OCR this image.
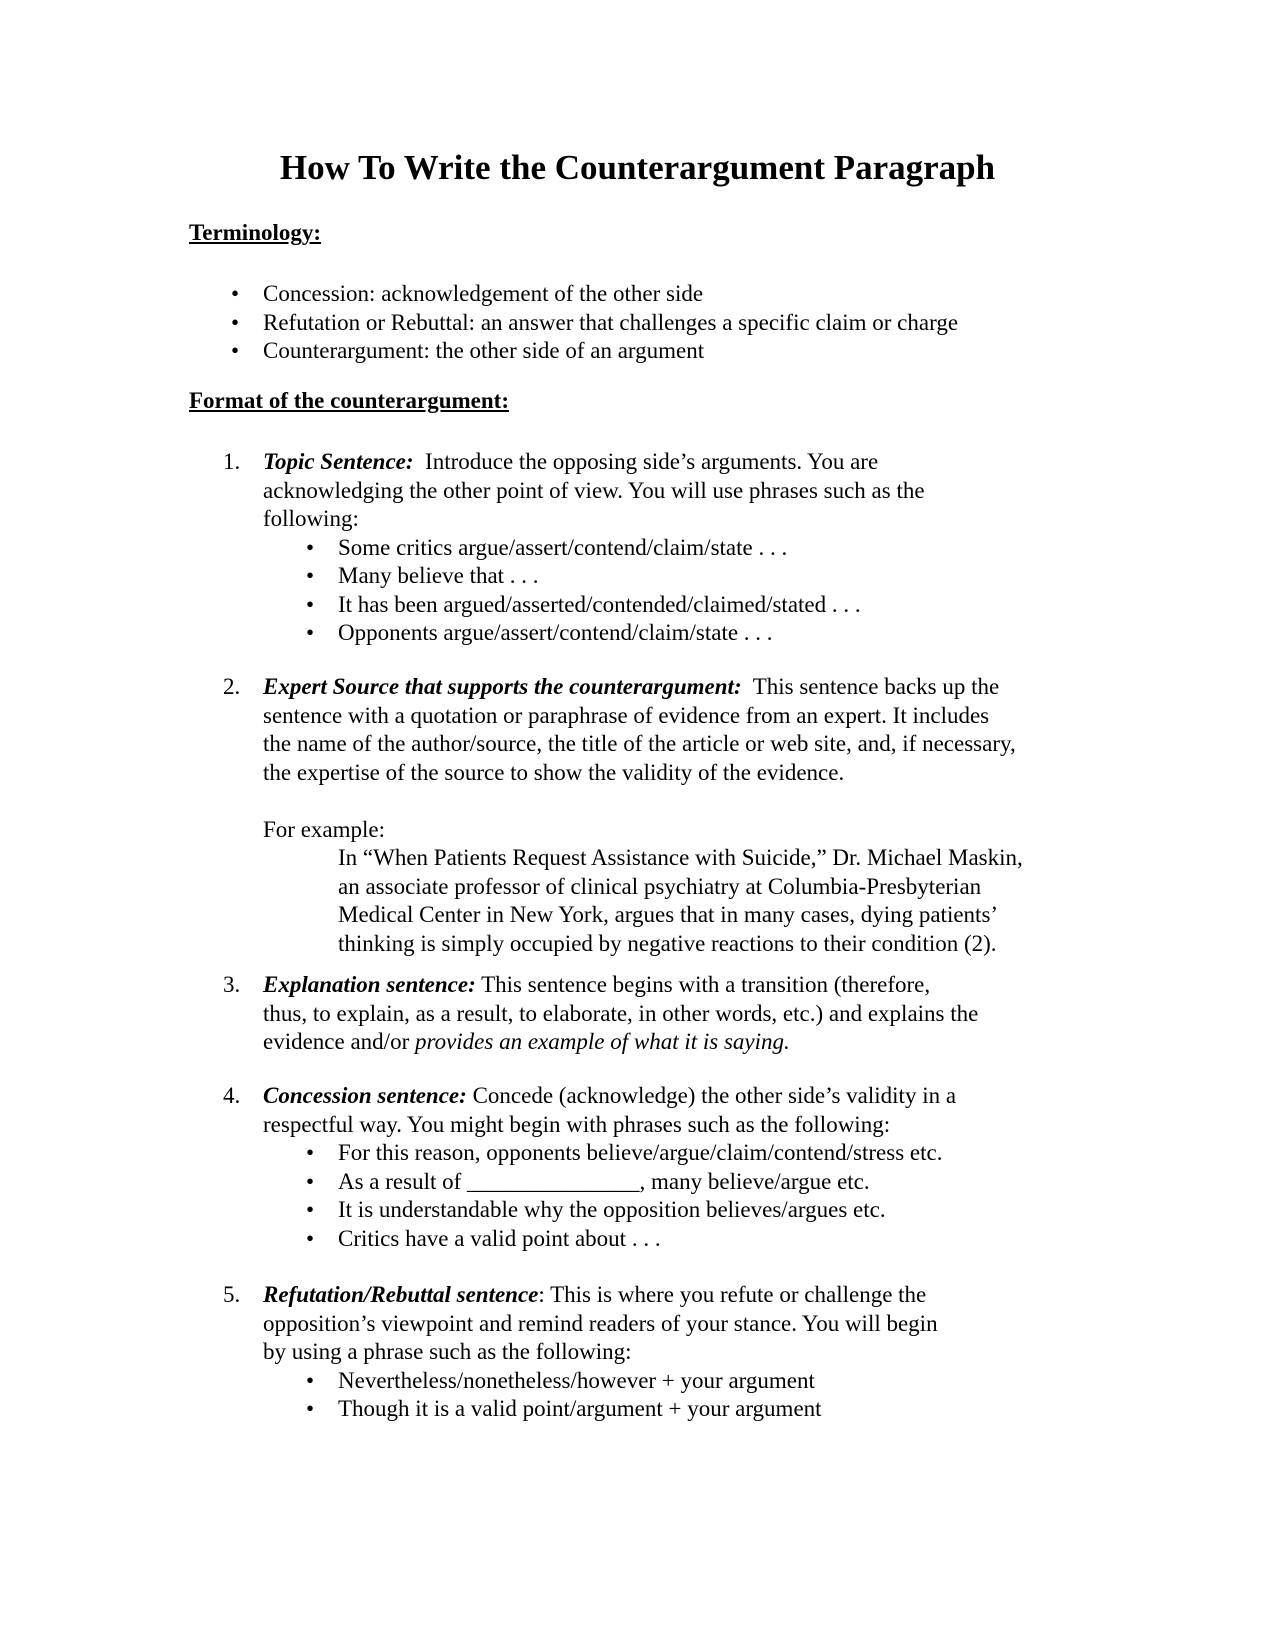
How To Write the Counterargument Paragraph

Terminology:

• Concession: acknowledgement of the other side
• Refutation or Rebuttal: an answer that challenges a specific claim or charge
• Counterargument: the other side of an argument

Format of the counterargument:

1. Topic Sentence:  Introduce the opposing side’s arguments. You are
acknowledging the other point of view. You will use phrases such as the
following:
• Some critics argue/assert/contend/claim/state . . .
• Many believe that . . .
• It has been argued/asserted/contended/claimed/stated . . .
• Opponents argue/assert/contend/claim/state . . .
2. Expert Source that supports the counterargument:  This sentence backs up the
sentence with a quotation or paraphrase of evidence from an expert. It includes
the name of the author/source, the title of the article or web site, and, if necessary,
the expertise of the source to show the validity of the evidence.
For example:
In “When Patients Request Assistance with Suicide,” Dr. Michael Maskin,
an associate professor of clinical psychiatry at Columbia-Presbyterian
Medical Center in New York, argues that in many cases, dying patients’
thinking is simply occupied by negative reactions to their condition (2).
3. Explanation sentence: This sentence begins with a transition (therefore,
thus, to explain, as a result, to elaborate, in other words, etc.) and explains the
evidence and/or provides an example of what it is saying.
4. Concession sentence: Concede (acknowledge) the other side’s validity in a
respectful way. You might begin with phrases such as the following:
• For this reason, opponents believe/argue/claim/contend/stress etc.
• As a result of _______________, many believe/argue etc.
• It is understandable why the opposition believes/argues etc.
• Critics have a valid point about . . .
5. Refutation/Rebuttal sentence: This is where you refute or challenge the
opposition’s viewpoint and remind readers of your stance. You will begin
by using a phrase such as the following:
• Nevertheless/nonetheless/however + your argument
• Though it is a valid point/argument + your argument
